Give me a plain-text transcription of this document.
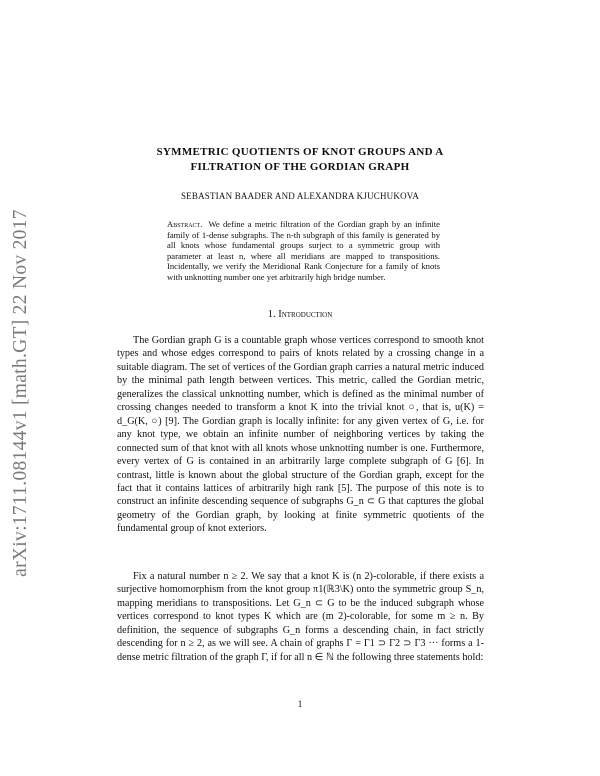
arXiv:1711.08144v1 [math.GT] 22 Nov 2017
SYMMETRIC QUOTIENTS OF KNOT GROUPS AND A FILTRATION OF THE GORDIAN GRAPH
SEBASTIAN BAADER AND ALEXANDRA KJUCHUKOVA
Abstract. We define a metric filtration of the Gordian graph by an infinite family of 1-dense subgraphs. The n-th subgraph of this family is generated by all knots whose fundamental groups surject to a symmetric group with parameter at least n, where all meridians are mapped to transpositions. Incidentally, we verify the Meridional Rank Conjecture for a family of knots with unknotting number one yet arbitrarily high bridge number.
1. Introduction

The Gordian graph G is a countable graph whose vertices correspond to smooth knot types and whose edges correspond to pairs of knots related by a crossing change in a suitable diagram. The set of vertices of the Gordian graph carries a natural metric induced by the minimal path length between vertices. This metric, called the Gordian metric, generalizes the classical unknotting number, which is defined as the minimal number of crossing changes needed to transform a knot K into the trivial knot ○, that is, u(K) = d_G(K, ○) [9]. The Gordian graph is locally infinite: for any given vertex of G, i.e. for any knot type, we obtain an infinite number of neighboring vertices by taking the connected sum of that knot with all knots whose unknotting number is one. Furthermore, every vertex of G is contained in an arbitrarily large complete subgraph of G [6]. In contrast, little is known about the global structure of the Gordian graph, except for the fact that it contains lattices of arbitrarily high rank [5]. The purpose of this note is to construct an infinite descending sequence of subgraphs G_n ⊂ G that captures the global geometry of the Gordian graph, by looking at finite symmetric quotients of the fundamental group of knot exteriors.

Fix a natural number n ≥ 2. We say that a knot K is (n 2)-colorable, if there exists a surjective homomorphism from the knot group π1(ℝ3\K) onto the symmetric group S_n, mapping meridians to transpositions. Let G_n ⊂ G to be the induced subgraph whose vertices correspond to knot types K which are (m 2)-colorable, for some m ≥ n. By definition, the sequence of subgraphs G_n forms a descending chain, in fact strictly descending for n ≥ 2, as we will see. A chain of graphs Γ = Γ1 ⊃ Γ2 ⊃ Γ3 ··· forms a 1-dense metric filtration of the graph Γ, if for all n ∈ ℕ the following three statements hold:

1
